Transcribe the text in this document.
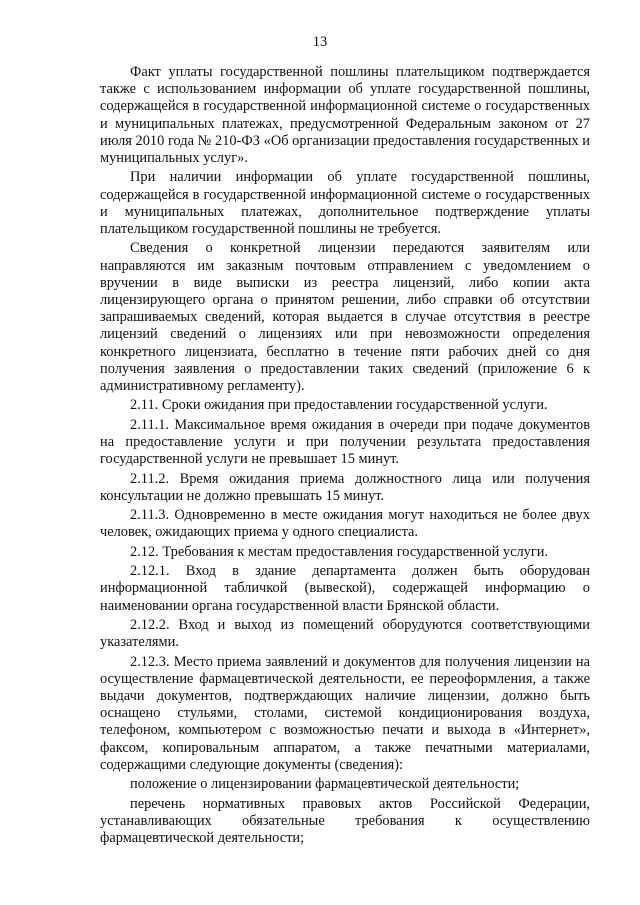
13

Факт уплаты государственной пошлины плательщиком подтверждается также с использованием информации об уплате государственной пошлины, содержащейся в государственной информационной системе о государственных и муниципальных платежах, предусмотренной Федеральным законом от 27 июля 2010 года № 210-ФЗ «Об организации предоставления государственных и муниципальных услуг».

При наличии информации об уплате государственной пошлины, содержащейся в государственной информационной системе о государственных и муниципальных платежах, дополнительное подтверждение уплаты плательщиком государственной пошлины не требуется.

Сведения о конкретной лицензии передаются заявителям или направляются им заказным почтовым отправлением с уведомлением о вручении в виде выписки из реестра лицензий, либо копии акта лицензирующего органа о принятом решении, либо справки об отсутствии запрашиваемых сведений, которая выдается в случае отсутствия в реестре лицензий сведений о лицензиях или при невозможности определения конкретного лицензиата, бесплатно в течение пяти рабочих дней со дня получения заявления о предоставлении таких сведений (приложение 6 к административному регламенту).

2.11. Сроки ожидания при предоставлении государственной услуги.

2.11.1. Максимальное время ожидания в очереди при подаче документов на предоставление услуги и при получении результата предоставления государственной услуги не превышает 15 минут.

2.11.2. Время ожидания приема должностного лица или получения консультации не должно превышать 15 минут.

2.11.3. Одновременно в месте ожидания могут находиться не более двух человек, ожидающих приема у одного специалиста.

2.12. Требования к местам предоставления государственной услуги.

2.12.1. Вход в здание департамента должен быть оборудован информационной табличкой (вывеской), содержащей информацию о наименовании органа государственной власти Брянской области.

2.12.2. Вход и выход из помещений оборудуются соответствующими указателями.

2.12.3. Место приема заявлений и документов для получения лицензии на осуществление фармацевтической деятельности, ее переоформления, а также выдачи документов, подтверждающих наличие лицензии, должно быть оснащено стульями, столами, системой кондиционирования воздуха, телефоном, компьютером с возможностью печати и выхода в «Интернет», факсом, копировальным аппаратом, а также печатными материалами, содержащими следующие документы (сведения):

положение о лицензировании фармацевтической деятельности;

перечень нормативных правовых актов Российской Федерации, устанавливающих обязательные требования к осуществлению фармацевтической деятельности;
